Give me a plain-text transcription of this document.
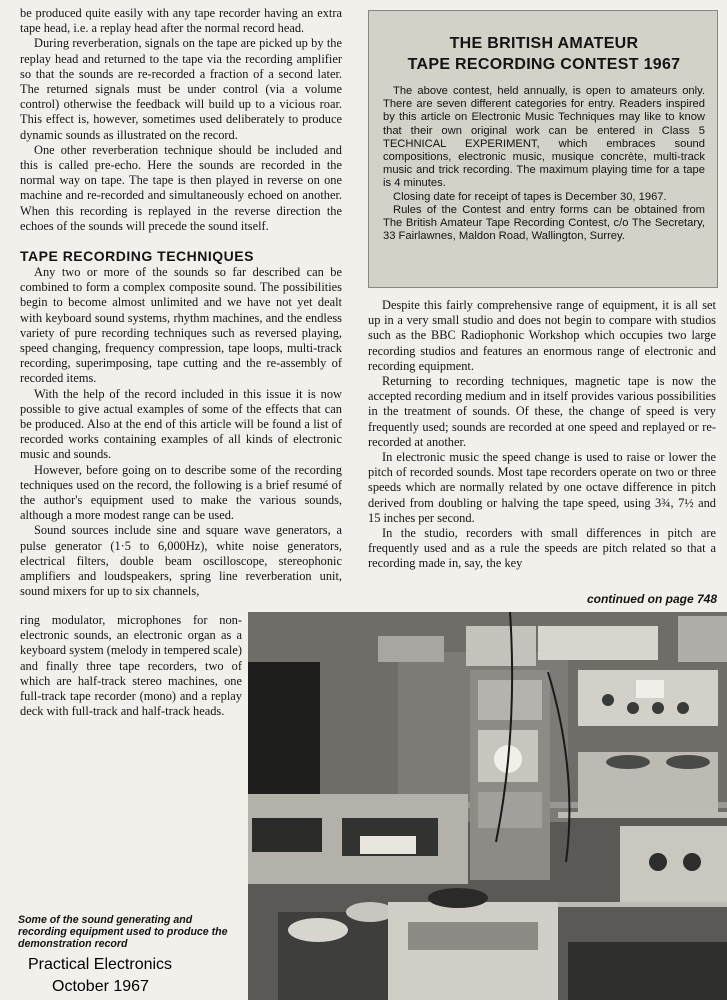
be produced quite easily with any tape recorder having an extra tape head, i.e. a replay head after the normal record head.

During reverberation, signals on the tape are picked up by the replay head and returned to the tape via the recording amplifier so that the sounds are re-recorded a fraction of a second later. The returned signals must be under control (via a volume control) otherwise the feedback will build up to a vicious roar. This effect is, however, sometimes used deliberately to produce dynamic sounds as illustrated on the record.

One other reverberation technique should be included and this is called pre-echo. Here the sounds are recorded in the normal way on tape. The tape is then played in reverse on one machine and re-recorded and simultaneously echoed on another. When this recording is replayed in the reverse direction the echoes of the sounds will precede the sound itself.

TAPE RECORDING TECHNIQUES

Any two or more of the sounds so far described can be combined to form a complex composite sound. The possibilities begin to become almost unlimited and we have not yet dealt with keyboard sound systems, rhythm machines, and the endless variety of pure recording techniques such as reversed playing, speed changing, frequency compression, tape loops, multi-track recording, superimposing, tape cutting and the re-assembly of recorded items.

With the help of the record included in this issue it is now possible to give actual examples of some of the effects that can be produced. Also at the end of this article will be found a list of recorded works containing examples of all kinds of electronic music and sounds.

However, before going on to describe some of the recording techniques used on the record, the following is a brief resumé of the author's equipment used to make the various sounds, although a more modest range can be used.

Sound sources include sine and square wave generators, a pulse generator (1·5 to 6,000Hz), white noise generators, electrical filters, double beam oscilloscope, stereophonic amplifiers and loudspeakers, spring line reverberation unit, sound mixers for up to six channels,

ring modulator, microphones for non-electronic sounds, an electronic organ as a keyboard system (melody in tempered scale) and finally three tape recorders, two of which are half-track stereo machines, one full-track tape recorder (mono) and a replay deck with full-track and half-track heads.

THE BRITISH AMATEUR
TAPE RECORDING CONTEST 1967

The above contest, held annually, is open to amateurs only. There are seven different categories for entry. Readers inspired by this article on Electronic Music Techniques may like to know that their own original work can be entered in Class 5 TECHNICAL EXPERIMENT, which embraces sound compositions, electronic music, musique concrète, multi-track music and trick recording. The maximum playing time for a tape is 4 minutes.

Closing date for receipt of tapes is December 30, 1967.

Rules of the Contest and entry forms can be obtained from The British Amateur Tape Recording Contest, c/o The Secretary, 33 Fairlawnes, Maldon Road, Wallington, Surrey.

Despite this fairly comprehensive range of equipment, it is all set up in a very small studio and does not begin to compare with studios such as the BBC Radiophonic Workshop which occupies two large recording studios and features an enormous range of electronic and recording equipment.

Returning to recording techniques, magnetic tape is now the accepted recording medium and in itself provides various possibilities in the treatment of sounds. Of these, the change of speed is very frequently used; sounds are recorded at one speed and replayed or re-recorded at another.

In electronic music the speed change is used to raise or lower the pitch of recorded sounds. Most tape recorders operate on two or three speeds which are normally related by one octave difference in pitch derived from doubling or halving the tape speed, using 3¾, 7½ and 15 inches per second.

In the studio, recorders with small differences in pitch are frequently used and as a rule the speeds are pitch related so that a recording made in, say, the key

continued on page 748
Some of the sound generating and recording equipment used to produce the demonstration record
Practical Electronics
October 1967
